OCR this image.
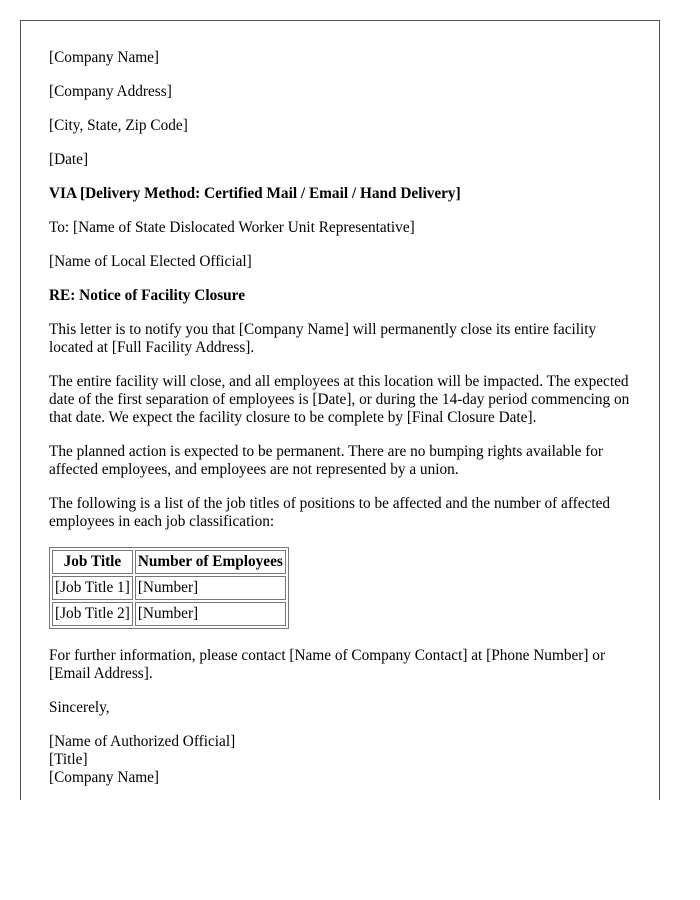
[Company Name]

[Company Address]

[City, State, Zip Code]

[Date]

VIA [Delivery Method: Certified Mail / Email / Hand Delivery]

To: [Name of State Dislocated Worker Unit Representative]

[Name of Local Elected Official]

RE: Notice of Facility Closure

This letter is to notify you that [Company Name] will permanently close its entire facility located at [Full Facility Address].

The entire facility will close, and all employees at this location will be impacted. The expected date of the first separation of employees is [Date], or during the 14-day period commencing on that date. We expect the facility closure to be complete by [Final Closure Date].

The planned action is expected to be permanent. There are no bumping rights available for affected employees, and employees are not represented by a union.

The following is a list of the job titles of positions to be affected and the number of affected employees in each job classification:

Job Title	Number of Employees
[Job Title 1]	[Number]
[Job Title 2]	[Number]

For further information, please contact [Name of Company Contact] at [Phone Number] or [Email Address].

Sincerely,

[Name of Authorized Official]

[Title]

[Company Name]
